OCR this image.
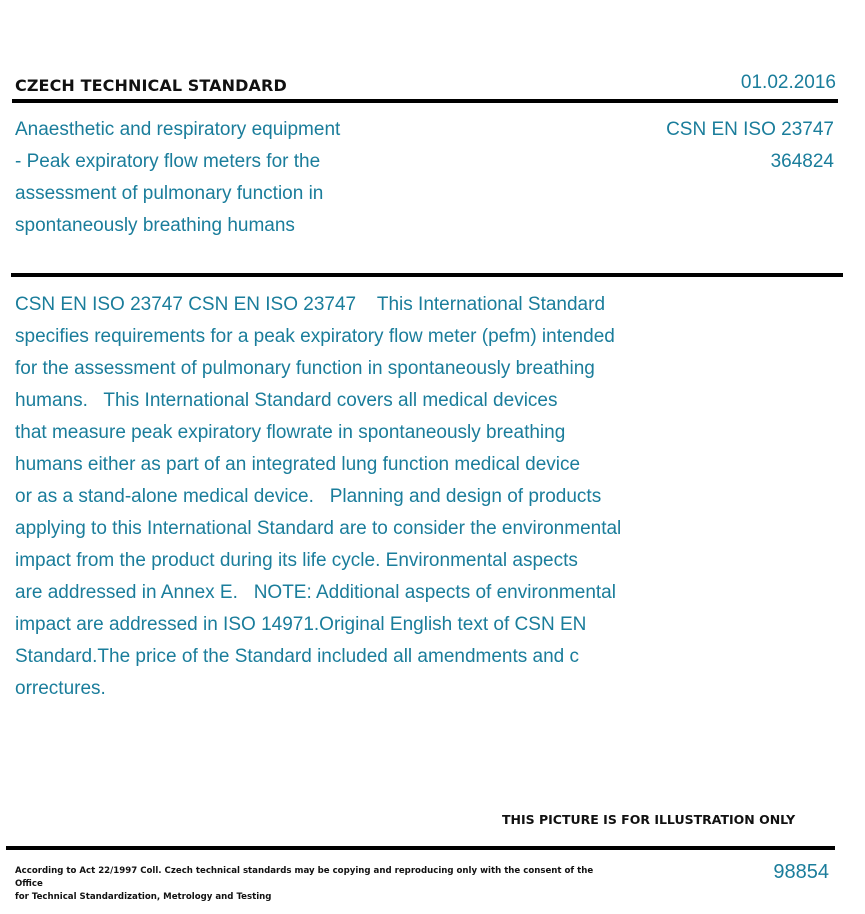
CZECH TECHNICAL STANDARD	01.02.2016
Anaesthetic and respiratory equipment
- Peak expiratory flow meters for the
assessment of pulmonary function in
spontaneously breathing humans
CSN EN ISO 23747
364824
CSN EN ISO 23747 CSN EN ISO 23747    This International Standard
specifies requirements for a peak expiratory flow meter (pefm) intended
for the assessment of pulmonary function in spontaneously breathing
humans.   This International Standard covers all medical devices
that measure peak expiratory flowrate in spontaneously breathing
humans either as part of an integrated lung function medical device
or as a stand-alone medical device.   Planning and design of products
applying to this International Standard are to consider the environmental
impact from the product during its life cycle. Environmental aspects
are addressed in Annex E.   NOTE: Additional aspects of environmental
impact are addressed in ISO 14971.Original English text of CSN EN
Standard.The price of the Standard included all amendments and c
orrectures.
THIS PICTURE IS FOR ILLUSTRATION ONLY
According to Act 22/1997 Coll. Czech technical standards may be copying and reproducing only with the consent of the Office
for Technical Standardization, Metrology and Testing
98854
